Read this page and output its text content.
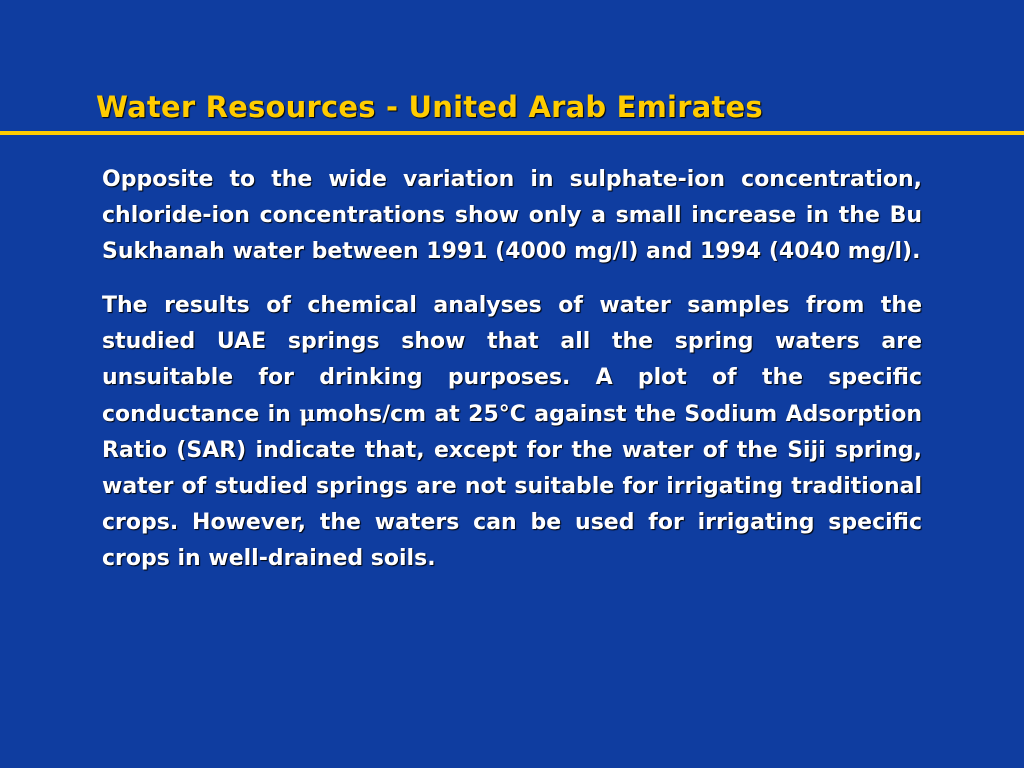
Water Resources - United Arab Emirates

Opposite to the wide variation in sulphate-ion concentration, chloride-ion concentrations show only a small increase in the Bu Sukhanah water between 1991 (4000 mg/l) and 1994 (4040 mg/l).

The results of chemical analyses of water samples from the studied UAE springs show that all the spring waters are unsuitable for drinking purposes. A plot of the specific conductance in μmohs/cm at 25°C against the Sodium Adsorption Ratio (SAR) indicate that, except for the water of the Siji spring, water of studied springs are not suitable for irrigating traditional crops. However, the waters can be used for irrigating specific crops in well-drained soils.
